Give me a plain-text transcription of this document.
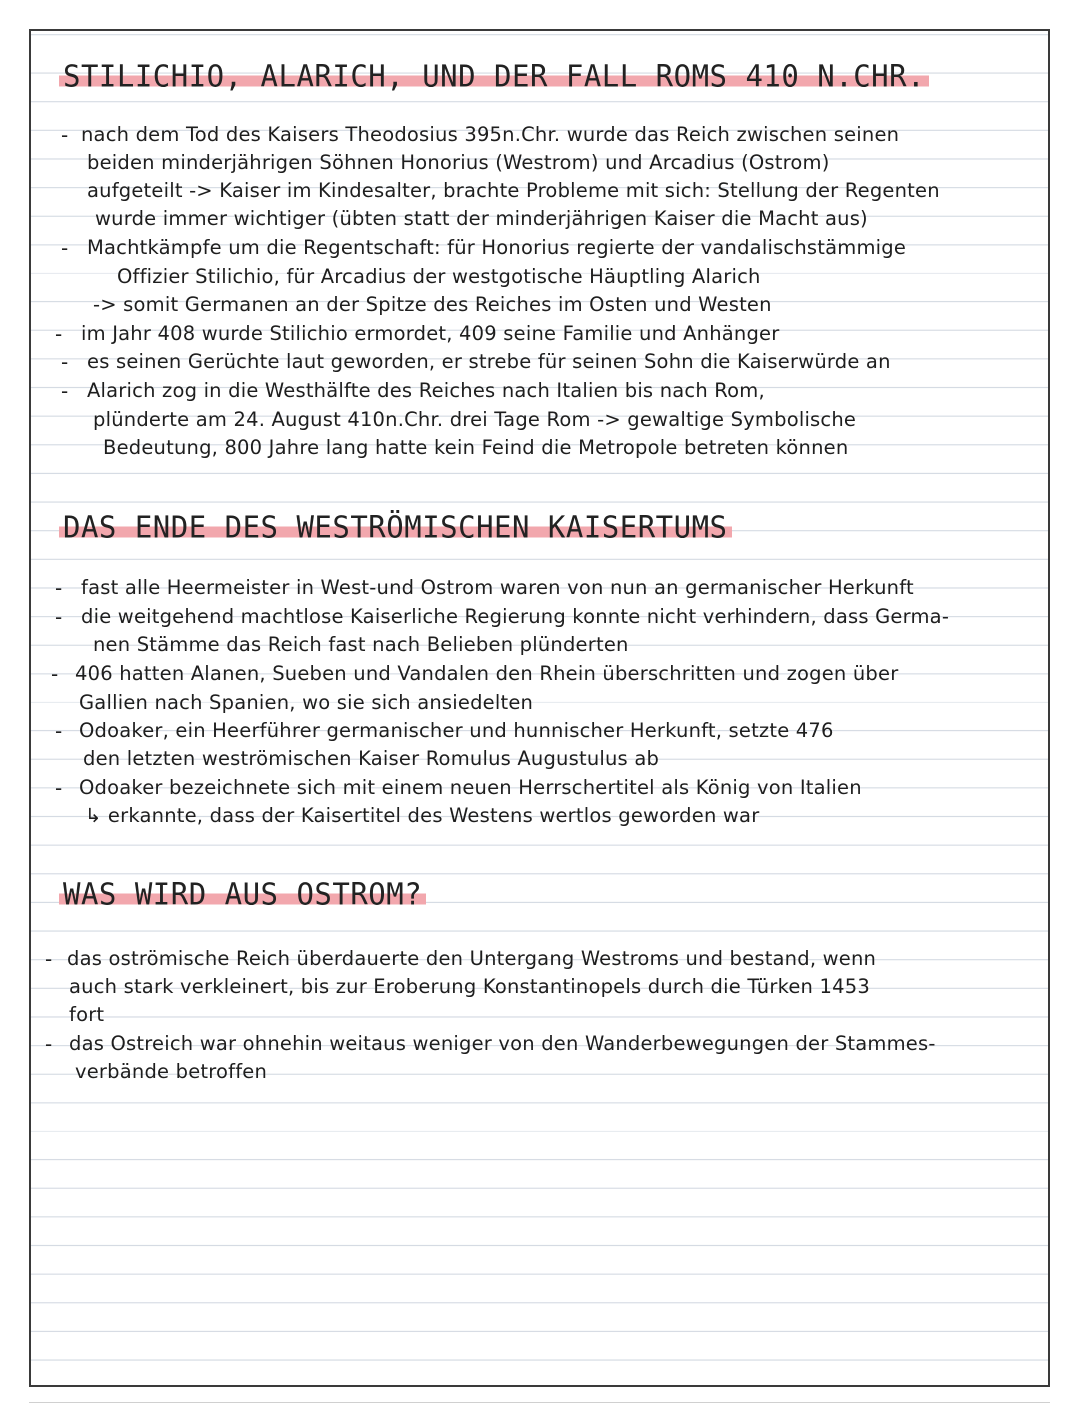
STILICHIO, ALARICH, UND DER FALL ROMS 410 N.CHR.
- nach dem Tod des Kaisers Theodosius 395n.Chr. wurde das Reich zwischen seinen
beiden minderjährigen Söhnen Honorius (Westrom) und Arcadius (Ostrom)
aufgeteilt -> Kaiser im Kindesalter, brachte Probleme mit sich: Stellung der Regenten
wurde immer wichtiger (übten statt der minderjährigen Kaiser die Macht aus)
- Machtkämpfe um die Regentschaft: für Honorius regierte der vandalischstämmige
Offizier Stilichio, für Arcadius der westgotische Häuptling Alarich
-> somit Germanen an der Spitze des Reiches im Osten und Westen
- im Jahr 408 wurde Stilichio ermordet, 409 seine Familie und Anhänger
- es seinen Gerüchte laut geworden, er strebe für seinen Sohn die Kaiserwürde an
- Alarich zog in die Westhälfte des Reiches nach Italien bis nach Rom,
plünderte am 24. August 410n.Chr. drei Tage Rom -> gewaltige Symbolische
Bedeutung, 800 Jahre lang hatte kein Feind die Metropole betreten können
DAS ENDE DES WESTRÖMISCHEN KAISERTUMS
- fast alle Heermeister in West-und Ostrom waren von nun an germanischer Herkunft
- die weitgehend machtlose Kaiserliche Regierung konnte nicht verhindern, dass Germa-
nen Stämme das Reich fast nach Belieben plünderten
- 406 hatten Alanen, Sueben und Vandalen den Rhein überschritten und zogen über
Gallien nach Spanien, wo sie sich ansiedelten
- Odoaker, ein Heerführer germanischer und hunnischer Herkunft, setzte 476
den letzten weströmischen Kaiser Romulus Augustulus ab
- Odoaker bezeichnete sich mit einem neuen Herrschertitel als König von Italien
↳ erkannte, dass der Kaisertitel des Westens wertlos geworden war
WAS WIRD AUS OSTROM?
- das oströmische Reich überdauerte den Untergang Westroms und bestand, wenn
auch stark verkleinert, bis zur Eroberung Konstantinopels durch die Türken 1453
fort
- das Ostreich war ohnehin weitaus weniger von den Wanderbewegungen der Stammes-
verbände betroffen
